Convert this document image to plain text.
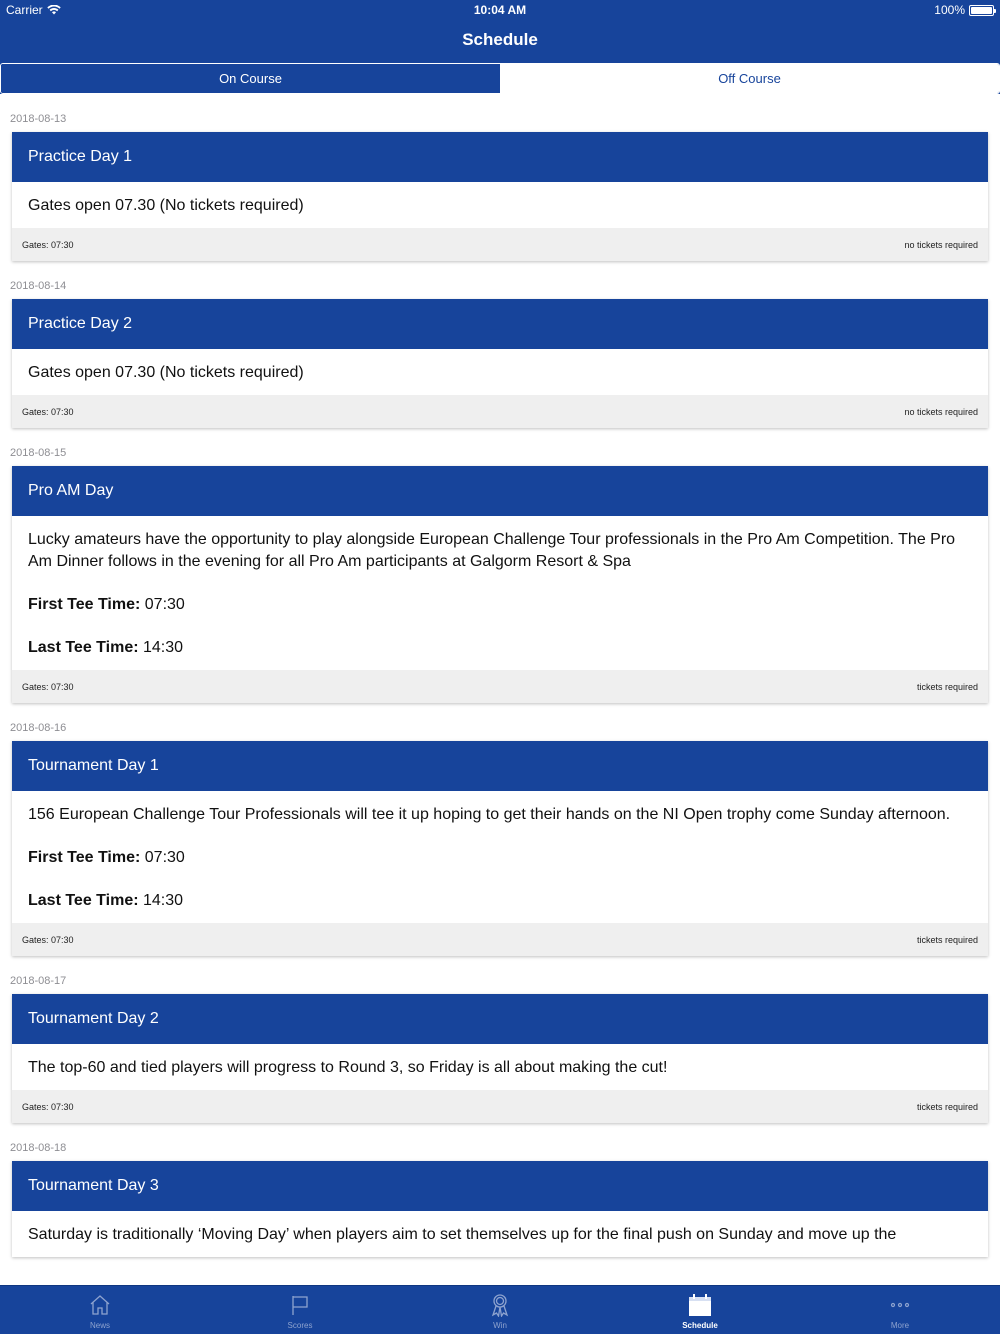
Carrier	10:04 AM	100%
Schedule
On Course	Off Course
2018-08-13
Practice Day 1

Gates open 07.30 (No tickets required)

Gates: 07:30	no tickets required
2018-08-14
Practice Day 2

Gates open 07.30 (No tickets required)

Gates: 07:30	no tickets required
2018-08-15
Pro AM Day

Lucky amateurs have the opportunity to play alongside European Challenge Tour professionals in the Pro Am Competition. The Pro Am Dinner follows in the evening for all Pro Am participants at Galgorm Resort & Spa

First Tee Time: 07:30

Last Tee Time: 14:30

Gates: 07:30	tickets required
2018-08-16
Tournament Day 1

156 European Challenge Tour Professionals will tee it up hoping to get their hands on the NI Open trophy come Sunday afternoon.

First Tee Time: 07:30

Last Tee Time: 14:30

Gates: 07:30	tickets required
2018-08-17
Tournament Day 2

The top-60 and tied players will progress to Round 3, so Friday is all about making the cut!

Gates: 07:30	tickets required
2018-08-18
Tournament Day 3

Saturday is traditionally ‘Moving Day’ when players aim to set themselves up for the final push on Sunday and move up the

News	Scores	Win	Schedule	More
